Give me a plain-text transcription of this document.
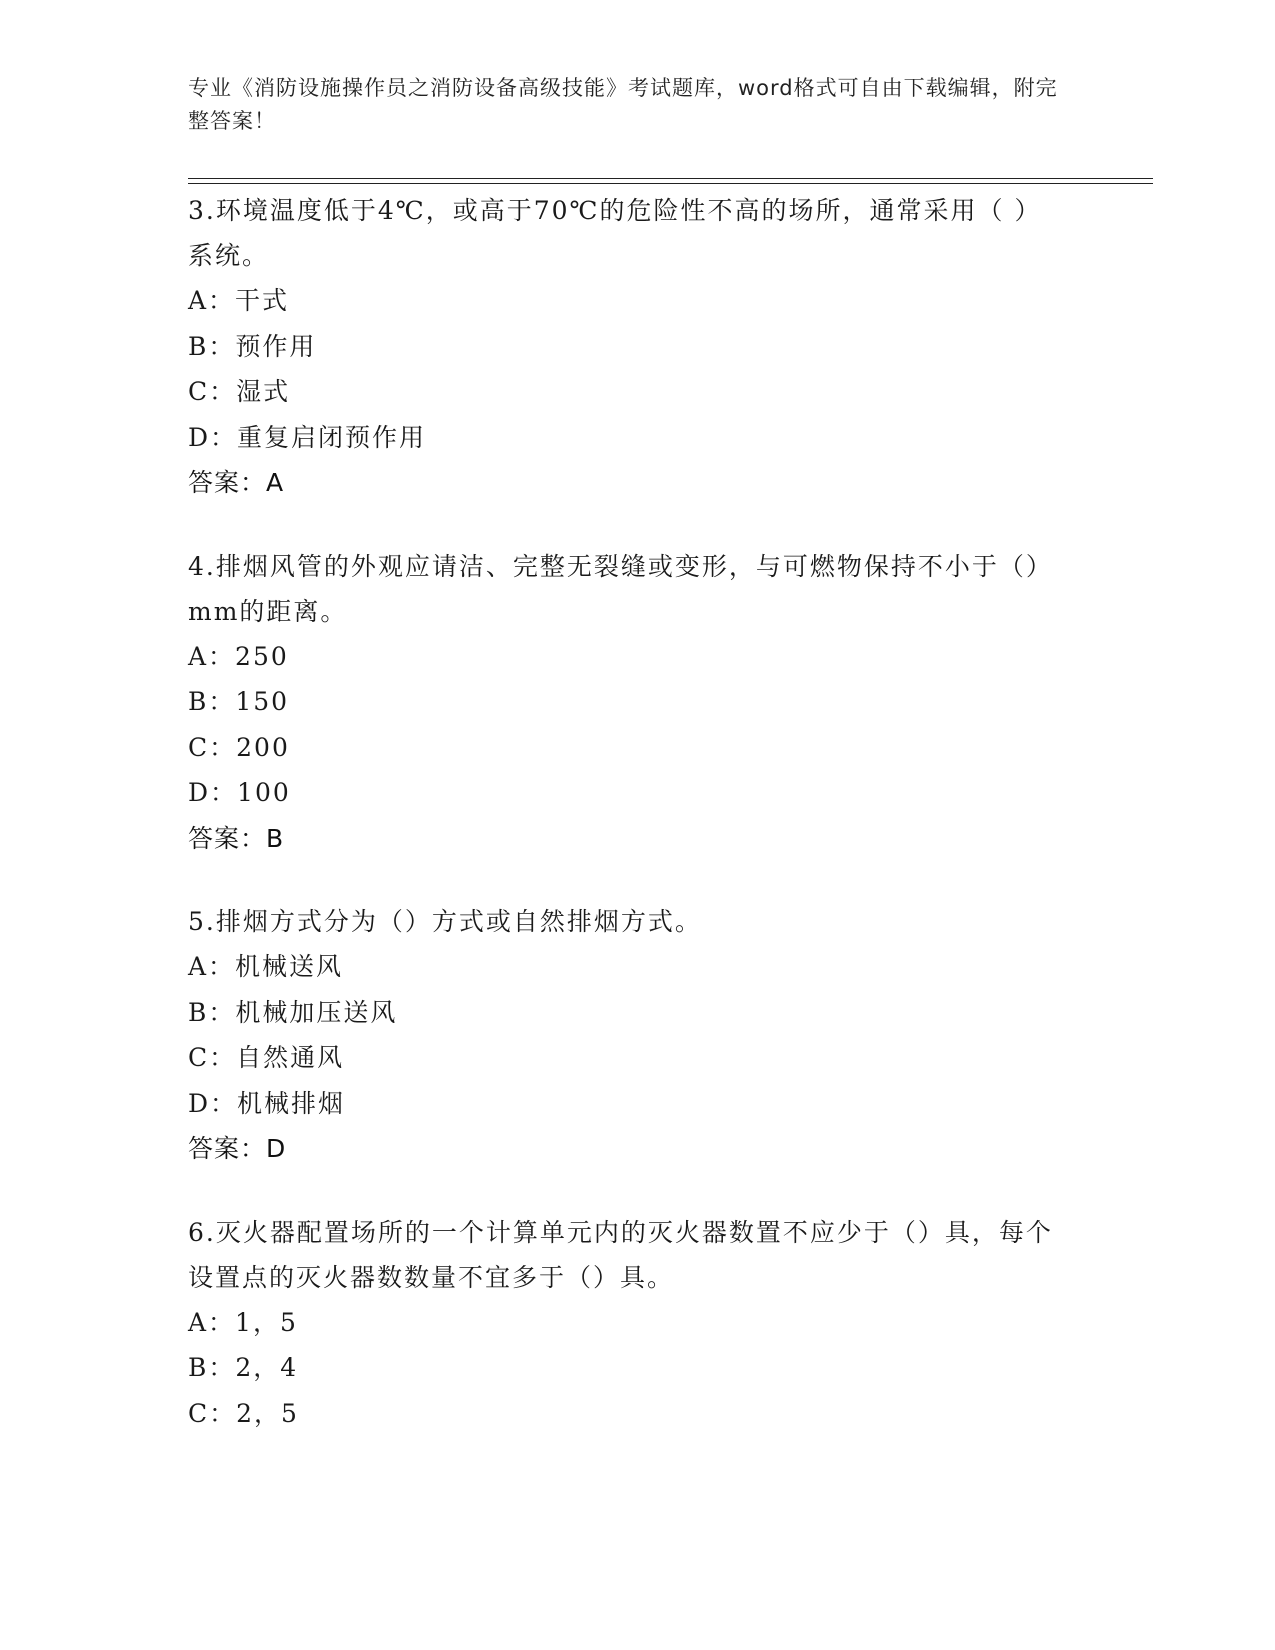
专业《消防设施操作员之消防设备高级技能》考试题库，word格式可自由下载编辑，附完整答案！

3.环境温度低于4℃，或高于70℃的危险性不高的场所，通常采用（ ）系统。

A：干式

B：预作用

C：湿式

D：重复启闭预作用

答案：A

4.排烟风管的外观应请洁、完整无裂缝或变形，与可燃物保持不小于（）mm的距离。

A：250

B：150

C：200

D：100

答案：B

5.排烟方式分为（）方式或自然排烟方式。

A：机械送风

B：机械加压送风

C：自然通风

D：机械排烟

答案：D

6.灭火器配置场所的一个计算单元内的灭火器数置不应少于（）具，每个设置点的灭火器数数量不宜多于（）具。

A：1，5

B：2，4

C：2，5
